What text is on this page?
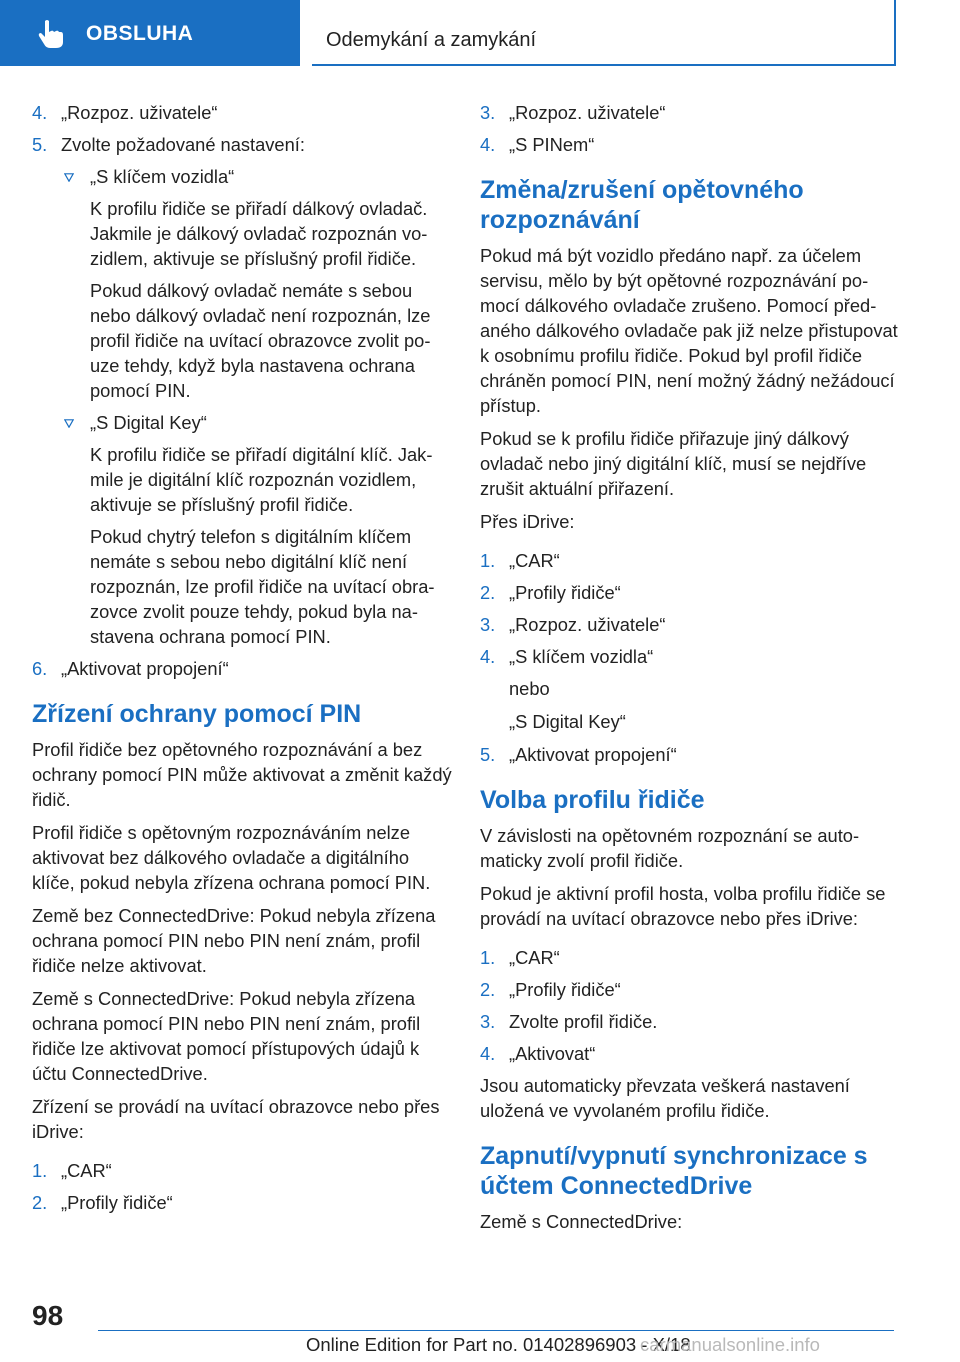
OBSLUHA	Odemykání a zamykání
4. „Rozpoz. uživatele“
5. Zvolte požadované nastavení:
„S klíčem vozidla“

K profilu řidiče se přiřadí dálkový ovladač. Jakmile je dálkový ovladač rozpoznán vozidlem, aktivuje se příslušný profil řidiče.

Pokud dálkový ovladač nemáte s sebou nebo dálkový ovladač není rozpoznán, lze profil řidiče na uvítací obrazovce zvolit pouze tehdy, když byla nastavena ochrana pomocí PIN.

„S Digital Key“

K profilu řidiče se přiřadí digitální klíč. Jakmile je digitální klíč rozpoznán vozidlem, aktivuje se příslušný profil řidiče.

Pokud chytrý telefon s digitálním klíčem nemáte s sebou nebo digitální klíč není rozpoznán, lze profil řidiče na uvítací obrazovce zvolit pouze tehdy, pokud byla nastavena ochrana pomocí PIN.

6. „Aktivovat propojení“
Zřízení ochrany pomocí PIN

Profil řidiče bez opětovného rozpoznávání a bez ochrany pomocí PIN může aktivovat a změnit každý řidič.

Profil řidiče s opětovným rozpoznáváním nelze aktivovat bez dálkového ovladače a digitálního klíče, pokud nebyla zřízena ochrana pomocí PIN.

Země bez ConnectedDrive: Pokud nebyla zřízena ochrana pomocí PIN nebo PIN není znám, profil řidiče nelze aktivovat.

Země s ConnectedDrive: Pokud nebyla zřízena ochrana pomocí PIN nebo PIN není znám, profil řidiče lze aktivovat pomocí přístupových údajů k účtu ConnectedDrive.

Zřízení se provádí na uvítací obrazovce nebo přes iDrive:

1. „CAR“
2. „Profily řidiče“
3. „Rozpoz. uživatele“
4. „S PINem“
Změna/zrušení opětovného rozpoznávání

Pokud má být vozidlo předáno např. za účelem servisu, mělo by být opětovné rozpoznávání pomocí dálkového ovladače zrušeno. Pomocí předaného dálkového ovladače pak již nelze přistupovat k osobnímu profilu řidiče. Pokud byl profil řidiče chráněn pomocí PIN, není možný žádný nežádoucí přístup.

Pokud se k profilu řidiče přiřazuje jiný dálkový ovladač nebo jiný digitální klíč, musí se nejdříve zrušit aktuální přiřazení.

Přes iDrive:

1. „CAR“
2. „Profily řidiče“
3. „Rozpoz. uživatele“
4. „S klíčem vozidla“

nebo

„S Digital Key“

5. „Aktivovat propojení“
Volba profilu řidiče

V závislosti na opětovném rozpoznání se automaticky zvolí profil řidiče.

Pokud je aktivní profil hosta, volba profilu řidiče se provádí na uvítací obrazovce nebo přes iDrive:

1. „CAR“
2. „Profily řidiče“
3. Zvolte profil řidiče.
4. „Aktivovat“

Jsou automaticky převzata veškerá nastavení uložená ve vyvolaném profilu řidiče.

Zapnutí/vypnutí synchronizace s účtem ConnectedDrive

Země s ConnectedDrive:

98
Online Edition for Part no. 01402896903 - X/18
carmanualsonline.info
